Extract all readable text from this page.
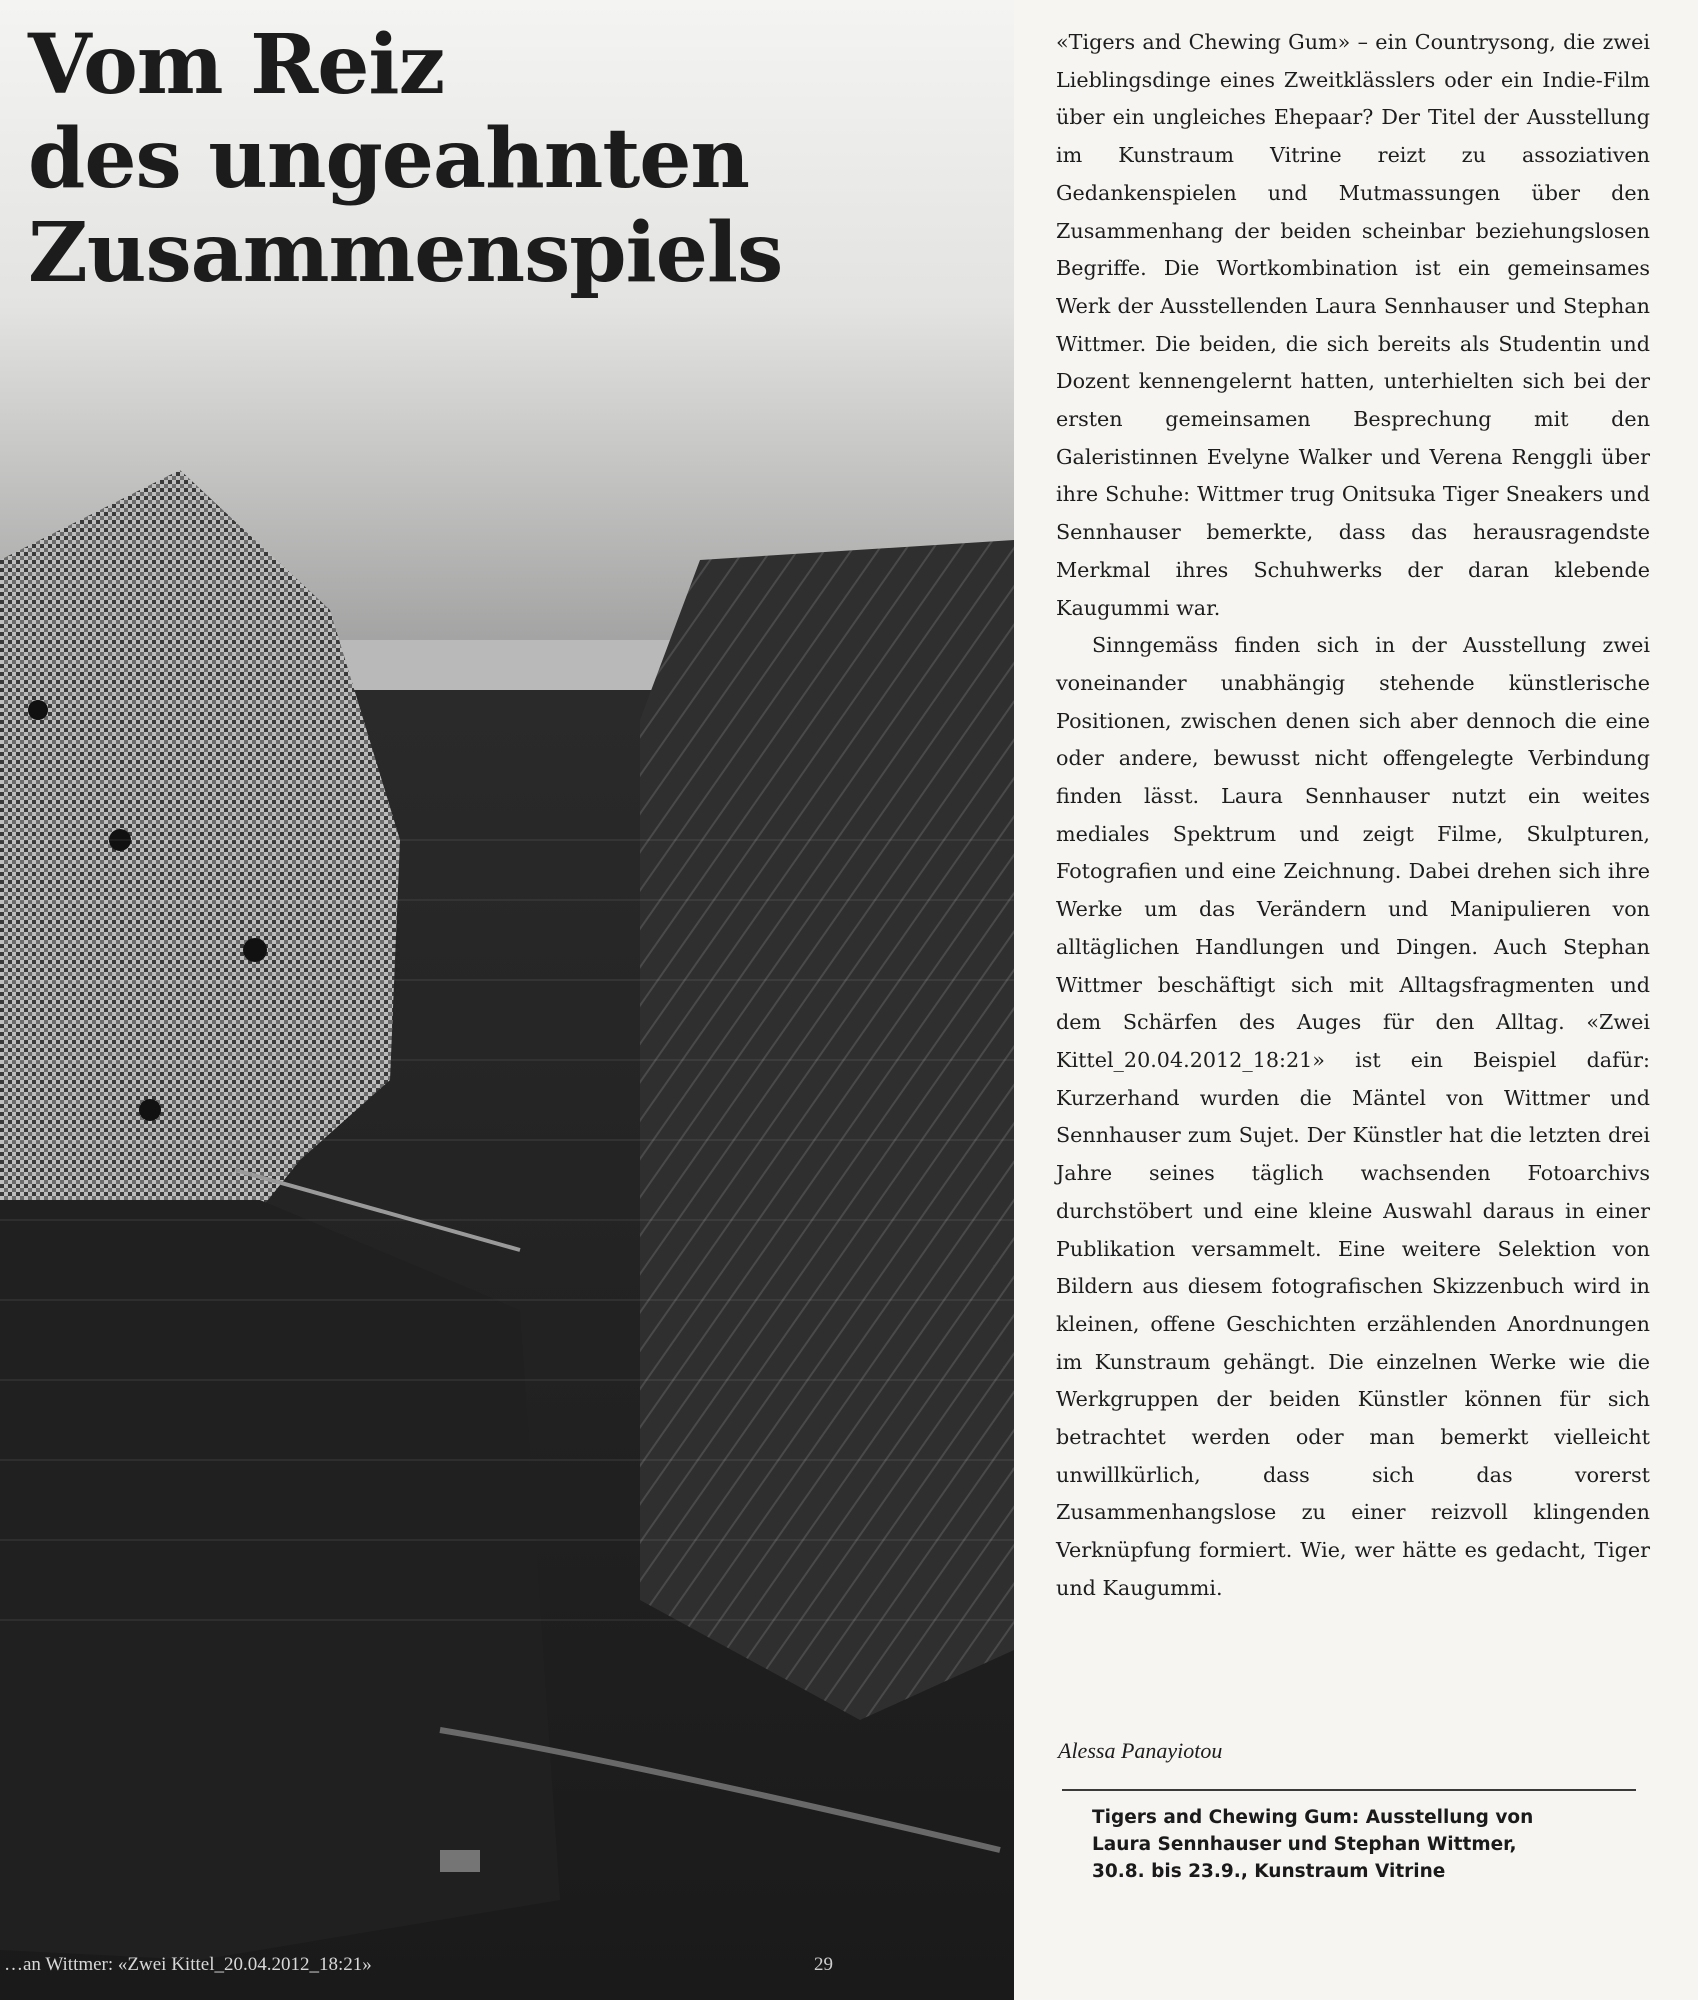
Vom Reiz
des ungeahnten
Zusammenspiels
…an Wittmer: «Zwei Kittel_20.04.2012_18:21»	29

«Tigers and Chewing Gum» – ein Countrysong, die zwei Lieblingsdinge eines Zweitklässlers oder ein Indie-Film über ein ungleiches Ehepaar? Der Titel der Ausstellung im Kunstraum Vitrine reizt zu assoziativen Gedankenspielen und Mutmassungen über den Zusammenhang der beiden scheinbar beziehungslosen Begriffe. Die Wortkombination ist ein gemeinsames Werk der Ausstellenden Laura Sennhauser und Stephan Wittmer. Die beiden, die sich bereits als Studentin und Dozent kennengelernt hatten, unterhielten sich bei der ersten gemeinsamen Besprechung mit den Galeristinnen Evelyne Walker und Verena Renggli über ihre Schuhe: Wittmer trug Onitsuka Tiger Sneakers und Sennhauser bemerkte, dass das herausragendste Merkmal ihres Schuhwerks der daran klebende Kaugummi war.

Sinngemäss finden sich in der Ausstellung zwei voneinander unabhängig stehende künstlerische Positionen, zwischen denen sich aber dennoch die eine oder andere, bewusst nicht offengelegte Verbindung finden lässt. Laura Sennhauser nutzt ein weites mediales Spektrum und zeigt Filme, Skulpturen, Fotografien und eine Zeichnung. Dabei drehen sich ihre Werke um das Verändern und Manipulieren von alltäglichen Handlungen und Dingen. Auch Stephan Wittmer beschäftigt sich mit Alltagsfragmenten und dem Schärfen des Auges für den Alltag. «Zwei Kittel_20.04.2012_18:21» ist ein Beispiel dafür: Kurzerhand wurden die Mäntel von Wittmer und Sennhauser zum Sujet. Der Künstler hat die letzten drei Jahre seines täglich wachsenden Fotoarchivs durchstöbert und eine kleine Auswahl daraus in einer Publikation versammelt. Eine weitere Selektion von Bildern aus diesem fotografischen Skizzenbuch wird in kleinen, offene Geschichten erzählenden Anordnungen im Kunstraum gehängt. Die einzelnen Werke wie die Werkgruppen der beiden Künstler können für sich betrachtet werden oder man bemerkt vielleicht unwillkürlich, dass sich das vorerst Zusammenhangslose zu einer reizvoll klingenden Verknüpfung formiert. Wie, wer hätte es gedacht, Tiger und Kaugummi.

Alessa Panayiotou
Tigers and Chewing Gum: Ausstellung von
Laura Sennhauser und Stephan Wittmer,
30.8. bis 23.9., Kunstraum Vitrine
